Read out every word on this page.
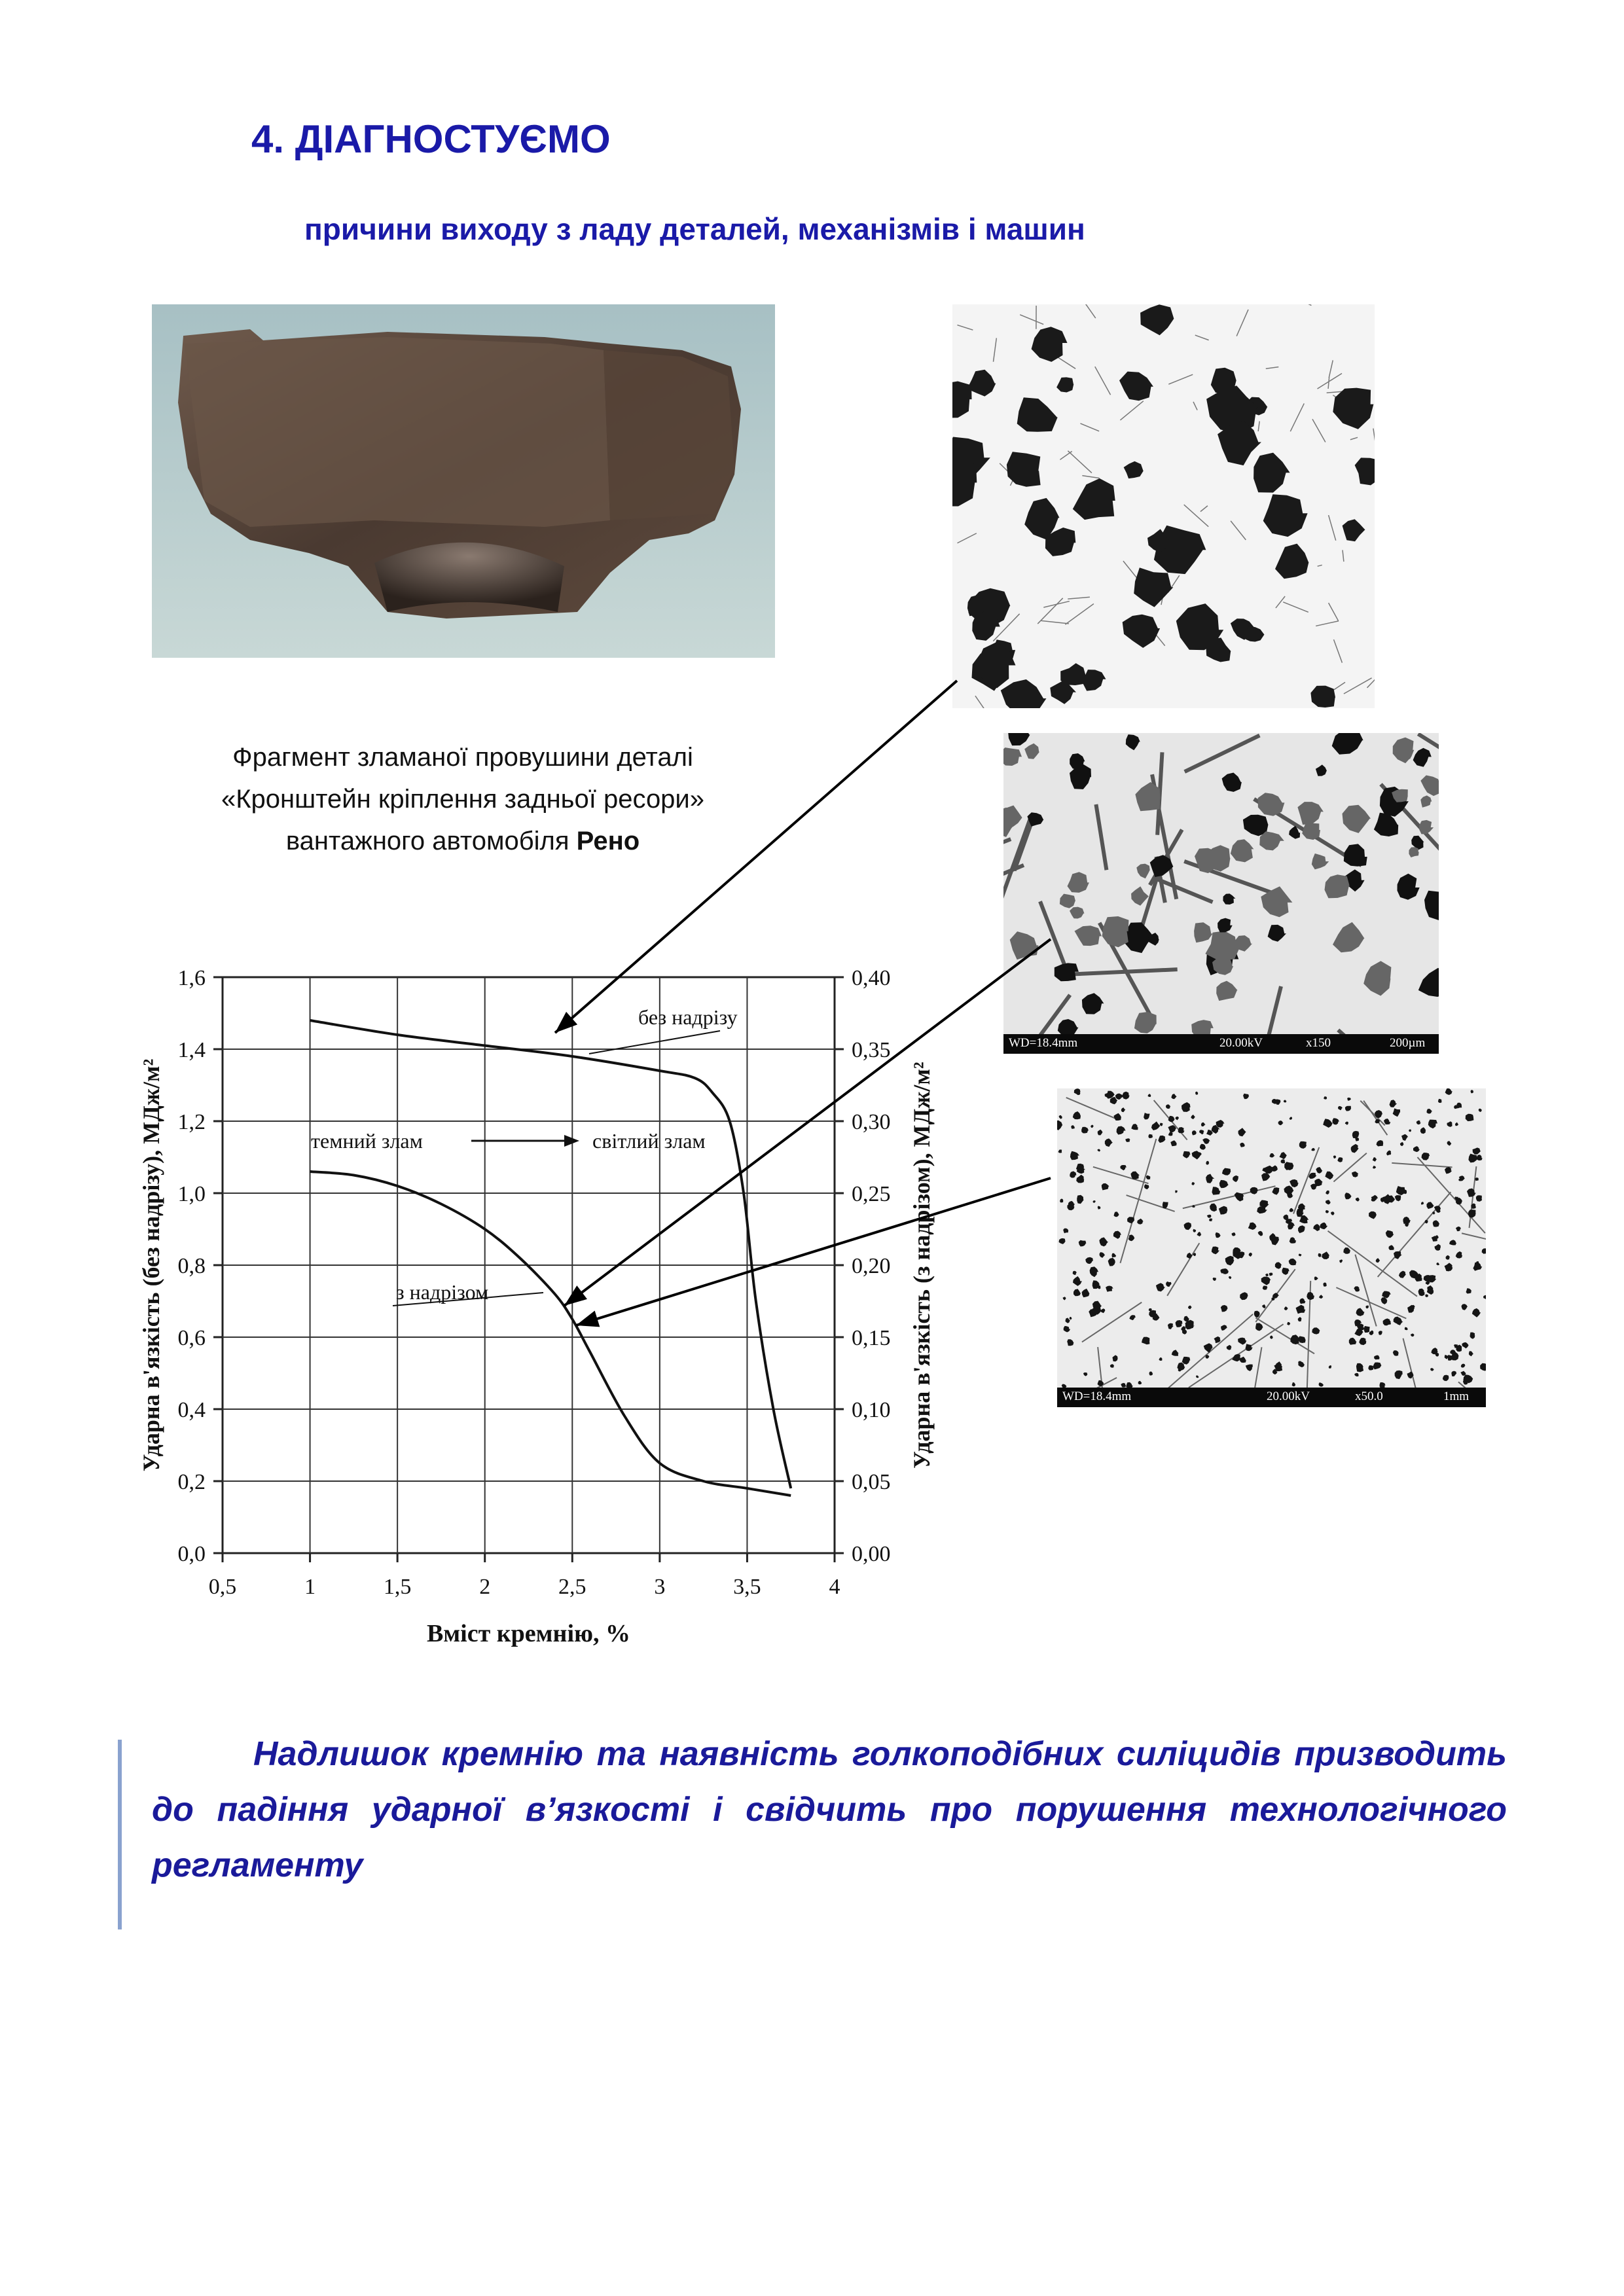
4. ДІАГНОСТУЄМО
причини виходу з ладу деталей, механізмів і машин
Фрагмент зламаної провушини деталі
«Кронштейн кріплення задньої ресори»
вантажного автомобіля Рено
WD=18.4mm	20.00kV	x150	200µm
WD=18.4mm	20.00kV	x50.0	1mm
0,5	1	1,5	2	2,5	3	3,5	4
0,0	0,00
0,2	0,05
0,4	0,10
0,6	0,15
0,8	0,20
1,0	0,25
1,2	0,30
1,4	0,35
1,6	0,40
Вміст кремнію, %
Ударна в'язкість (без надрізу), МДж/м²	Ударна в'язкість (з надрізом), МДж/м²
темний злам	світлий злам
без надрізу
з надрізом
Надлишок кремнію та наявність голкоподібних силіцидів призводить до падіння ударної в’язкості і свідчить про порушення технологічного регламенту
